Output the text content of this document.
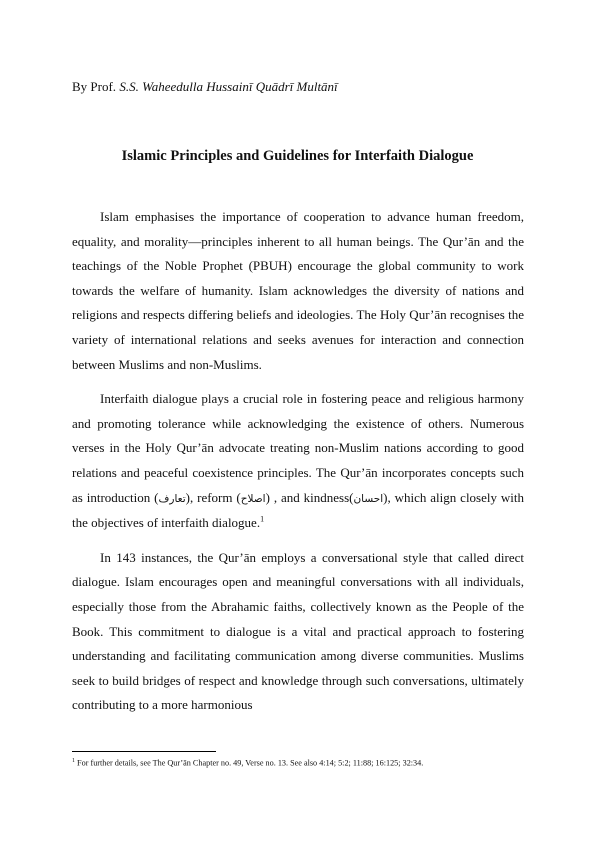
By Prof. S.S. Waheedulla Hussainī Quādrī Multānī
Islamic Principles and Guidelines for Interfaith Dialogue

Islam emphasises the importance of cooperation to advance human freedom, equality, and morality—principles inherent to all human beings. The Qur’ān and the teachings of the Noble Prophet (PBUH) encourage the global community to work towards the welfare of humanity. Islam acknowledges the diversity of nations and religions and respects differing beliefs and ideologies. The Holy Qur’ān recognises the variety of international relations and seeks avenues for interaction and connection between Muslims and non-Muslims.

Interfaith dialogue plays a crucial role in fostering peace and religious harmony and promoting tolerance while acknowledging the existence of others. Numerous verses in the Holy Qur’ān advocate treating non-Muslim nations according to good relations and peaceful coexistence principles. The Qur’ān incorporates concepts such as introduction (تعارف), reform (اصلاح) , and kindness(احسان), which align closely with the objectives of interfaith dialogue.$^1$

In 143 instances, the Qur’ān employs a conversational style that called direct dialogue. Islam encourages open and meaningful conversations with all individuals, especially those from the Abrahamic faiths, collectively known as the People of the Book. This commitment to dialogue is a vital and practical approach to fostering understanding and facilitating communication among diverse communities. Muslims seek to build bridges of respect and knowledge through such conversations, ultimately contributing to a more harmonious

$^1$ For further details, see The Qur’ān Chapter no. 49, Verse no. 13. See also 4:14; 5:2; 11:88; 16:125; 32:34.
